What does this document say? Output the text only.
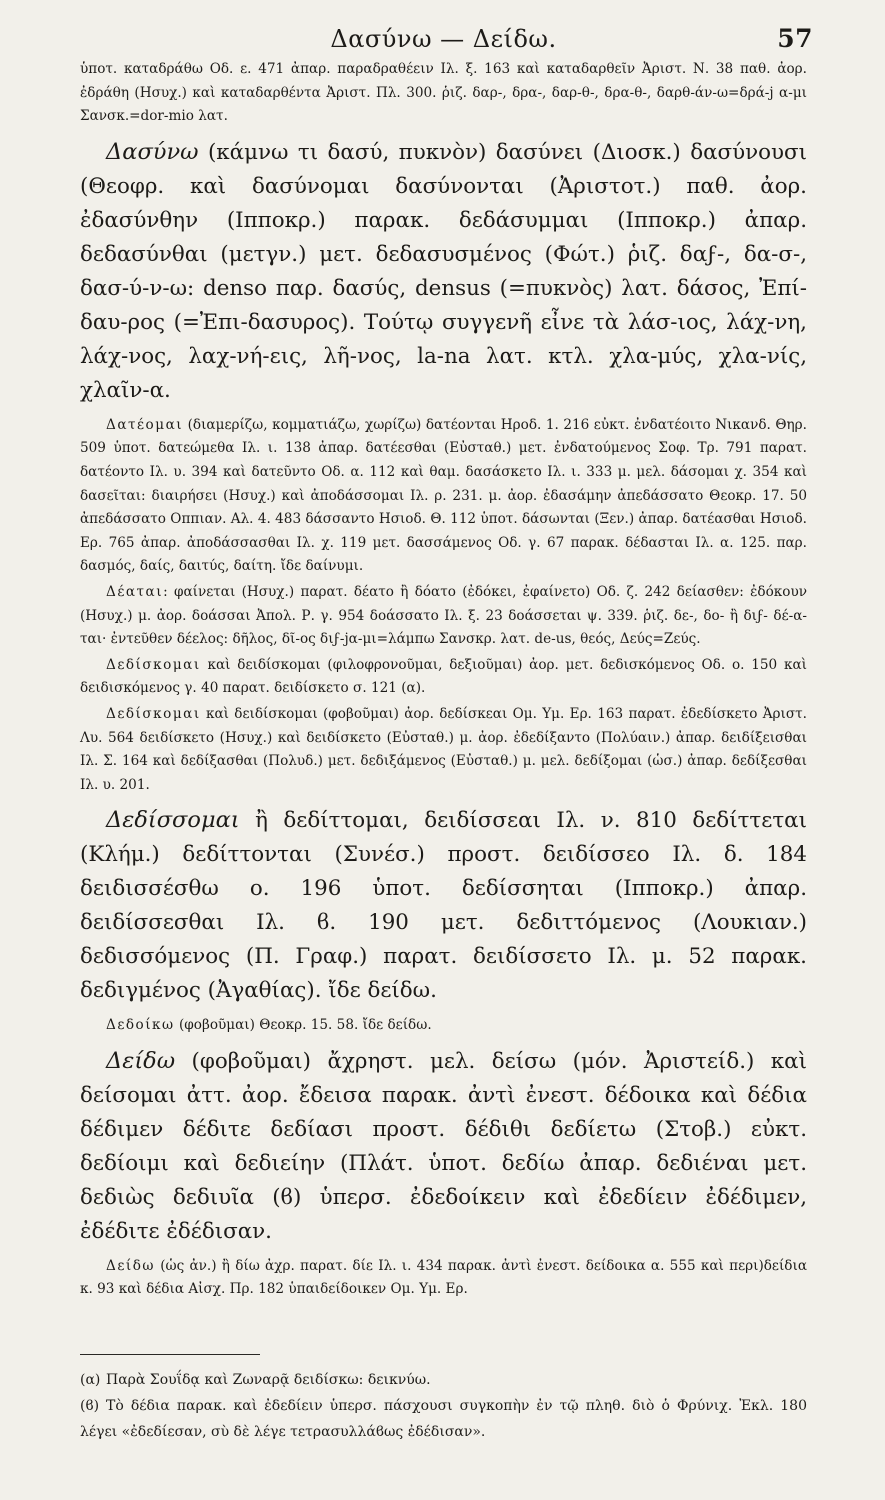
Δασύνω — Δείδω.	57

ὑποτ. καταδράθω Οδ. ε. 471 ἀπαρ. παραδραθέειν Ιλ. ξ. 163 καὶ καταδαρθεῖν Ἀριστ. Ν. 38 παθ. ἀορ. ἐδράθη (Ησυχ.) καὶ καταδαρθέντα Ἀριστ. Πλ. 300. ῥιζ. δαρ-, δρα-, δαρ-θ-, δρα-θ-, δαρθ-άν-ω=δρά-j α-μι Σανσκ.=dor-mio λατ.

Δασύνω (κάμνω τι δασύ, πυκνὸν) δασύνει (Διοσκ.) δασύνουσι (Θεοφρ. καὶ δασύνομαι δασύνονται (Ἀριστοτ.) παθ. ἀορ. ἐδασύνθην (Ιπποκρ.) παρακ. δεδάσυμμαι (Ιπποκρ.) ἀπαρ. δεδασύνθαι (μετγν.) μετ. δεδασυσμένος (Φώτ.) ῥιζ. δαϝ-, δα-σ-, δασ-ύ-ν-ω: denso παρ. δασύς, densus (=πυκνὸς) λατ. δάσος, Ἐπί-δαυ-ρος (=Ἐπι-δασυρος). Τούτῳ συγγενῆ εἶνε τὰ λάσ-ιος, λάχ-νη, λάχ-νος, λαχ-νή-εις, λῆ-νος, la-na λατ. κτλ. χλα-μύς, χλα-νίς, χλαῖν-α.

Δατέομαι (διαμερίζω, κομματιάζω, χωρίζω) δατέονται Ηροδ. 1. 216 εὐκτ. ἐνδατέοιτο Νικανδ. Θηρ. 509 ὑποτ. δατεώμεθα Ιλ. ι. 138 ἀπαρ. δατέεσθαι (Εὐσταθ.) μετ. ἐνδατούμενος Σοφ. Τρ. 791 παρατ. δατέοντο Ιλ. υ. 394 καὶ δατεῦντο Οδ. α. 112 καὶ θαμ. δασάσκετο Ιλ. ι. 333 μ. μελ. δάσομαι χ. 354 καὶ δασεῖται: διαιρήσει (Ησυχ.) καὶ ἀποδάσσομαι Ιλ. ρ. 231. μ. ἀορ. ἐδασάμην ἀπεδάσσατο Θεοκρ. 17. 50 ἀπεδάσσατο Οππιαν. Αλ. 4. 483 δάσσαντο Ησιοδ. Θ. 112 ὑποτ. δάσωνται (Ξεν.) ἀπαρ. δατέασθαι Ησιοδ. Ερ. 765 ἀπαρ. ἀποδάσσασθαι Ιλ. χ. 119 μετ. δασσάμενος Οδ. γ. 67 παρακ. δέδασται Ιλ. α. 125. παρ. δασμός, δαίς, δαιτύς, δαίτη. ἴδε δαίνυμι.

Δέαται: φαίνεται (Ησυχ.) παρατ. δέατο ἢ δόατο (ἐδόκει, ἐφαίνετο) Οδ. ζ. 242 δείασθεν: ἐδόκουν (Ησυχ.) μ. ἀορ. δοάσσαι Ἀπολ. Ρ. γ. 954 δοάσσατο Ιλ. ξ. 23 δοάσσεται ψ. 339. ῥιζ. δε-, δο- ἢ διϝ- δέ-α-ται· ἐντεῦθεν δέελος: δῆλος, δῖ-ος διϝ-jα-μι=λάμπω Σανσκρ. λατ. de-us, θεός, Δεύς=Ζεύς.

Δεδίσκομαι καὶ δειδίσκομαι (φιλοφρονοῦμαι, δεξιοῦμαι) ἀορ. μετ. δεδισκόμενος Οδ. ο. 150 καὶ δειδισκόμενος γ. 40 παρατ. δειδίσκετο σ. 121 (α).

Δεδίσκομαι καὶ δειδίσκομαι (φοβοῦμαι) ἀορ. δεδίσκεαι Ομ. Υμ. Ερ. 163 παρατ. ἐδεδίσκετο Ἀριστ. Λυ. 564 δειδίσκετο (Ησυχ.) καὶ δειδίσκετο (Εὐσταθ.) μ. ἀορ. ἐδεδίξαντο (Πολύαιν.) ἀπαρ. δειδίξεισθαι Ιλ. Σ. 164 καὶ δεδίξασθαι (Πολυδ.) μετ. δεδιξάμενος (Εὐσταθ.) μ. μελ. δεδίξομαι (ὡσ.) ἀπαρ. δεδίξεσθαι Ιλ. υ. 201.

Δεδίσσομαι ἢ δεδίττομαι, δειδίσσεαι Ιλ. ν. 810 δεδίττεται (Κλήμ.) δεδίττονται (Συνέσ.) προστ. δειδίσσεο Ιλ. δ. 184 δειδισσέσθω ο. 196 ὑποτ. δεδίσσηται (Ιπποκρ.) ἀπαρ. δειδίσσεσθαι Ιλ. ϐ. 190 μετ. δεδιττόμενος (Λουκιαν.) δεδισσόμενος (Π. Γραφ.) παρατ. δειδίσσετο Ιλ. μ. 52 παρακ. δεδιγμένος (Ἀγαθίας). ἴδε δείδω.

Δεδοίκω (φοβοῦμαι) Θεοκρ. 15. 58. ἴδε δείδω.

Δείδω (φοβοῦμαι) ἄχρηστ. μελ. δείσω (μόν. Ἀριστείδ.) καὶ δείσομαι ἀττ. ἀορ. ἔδεισα παρακ. ἀντὶ ἐνεστ. δέδοικα καὶ δέδια δέδιμεν δέδιτε δεδίασι προστ. δέδιθι δεδίετω (Στοβ.) εὐκτ. δεδίοιμι καὶ δεδιείην (Πλάτ. ὑποτ. δεδίω ἀπαρ. δεδιέναι μετ. δεδιὼς δεδιυῖα (ϐ) ὑπερσ. ἐδεδοίκειν καὶ ἐδεδίειν ἐδέδιμεν, ἐδέδιτε ἐδέδισαν.

Δείδω (ὡς ἀν.) ἢ δίω ἀχρ. παρατ. δίε Ιλ. ι. 434 παρακ. ἀντὶ ἐνεστ. δείδοικα α. 555 καὶ περι)δείδια κ. 93 καὶ δέδια Αἰσχ. Πρ. 182 ὑπαιδείδοικεν Ομ. Υμ. Ερ.

(α) Παρὰ Σουΐδᾳ καὶ Ζωναρᾷ δειδίσκω: δεικνύω.

(ϐ) Τὸ δέδια παρακ. καὶ ἐδεδίειν ὑπερσ. πάσχουσι συγκοπὴν ἐν τῷ πληθ. διὸ ὁ Φρύνιχ. Ἐκλ. 180 λέγει «ἐδεδίεσαν, σὺ δὲ λέγε τετρασυλλάϐως ἐδέδισαν».
